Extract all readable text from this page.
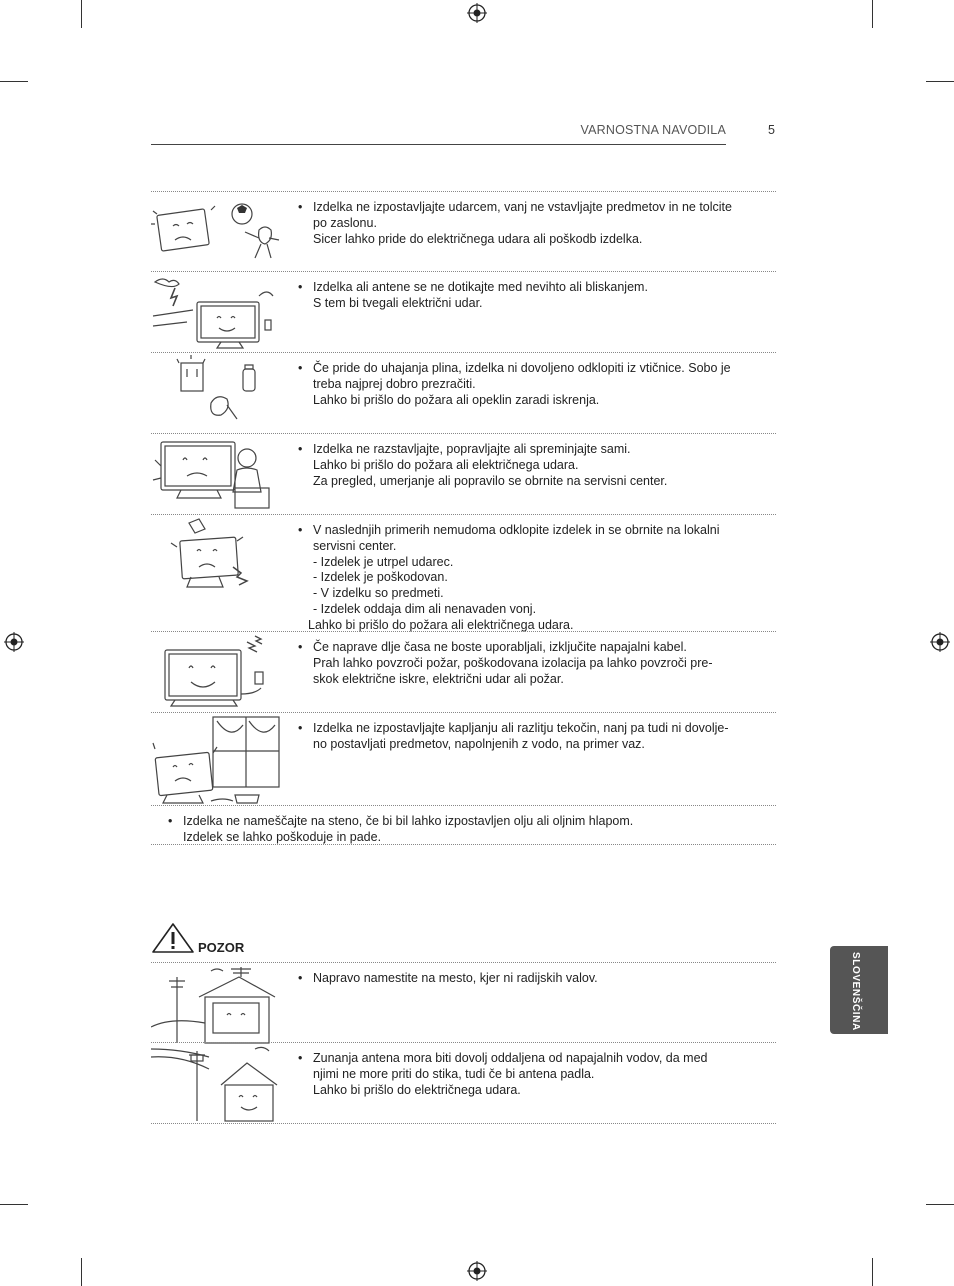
VARNOSTNA NAVODILA	5
• Izdelka ne izpostavljajte udarcem, vanj ne vstavljajte predmetov in ne tolcite
po zaslonu.
Sicer lahko pride do električnega udara ali poškodb izdelka.
• Izdelka ali antene se ne dotikajte med nevihto ali bliskanjem.
S tem bi tvegali električni udar.
• Če pride do uhajanja plina, izdelka ni dovoljeno odklopiti iz vtičnice. Sobo je
treba najprej dobro prezračiti.
Lahko bi prišlo do požara ali opeklin zaradi iskrenja.
• Izdelka ne razstavljajte, popravljajte ali spreminjajte sami.
Lahko bi prišlo do požara ali električnega udara.
Za pregled, umerjanje ali popravilo se obrnite na servisni center.
• V naslednjih primerih nemudoma odklopite izdelek in se obrnite na lokalni
servisni center.
- Izdelek je utrpel udarec.
- Izdelek je poškodovan.
- V izdelku so predmeti.
- Izdelek oddaja dim ali nenavaden vonj.
Lahko bi prišlo do požara ali električnega udara.
• Če naprave dlje časa ne boste uporabljali, izključite napajalni kabel.
Prah lahko povzroči požar, poškodovana izolacija pa lahko povzroči pre-
skok električne iskre, električni udar ali požar.
• Izdelka ne izpostavljajte kapljanju ali razlitju tekočin, nanj pa tudi ni dovolje-
no postavljati predmetov, napolnjenih z vodo, na primer vaz.
• Izdelka ne nameščajte na steno, če bi bil lahko izpostavljen olju ali oljnim hlapom.
Izdelek se lahko poškoduje in pade.
POZOR
• Napravo namestite na mesto, kjer ni radijskih valov.
• Zunanja antena mora biti dovolj oddaljena od napajalnih vodov, da med
njimi ne more priti do stika, tudi če bi antena padla.
Lahko bi prišlo do električnega udara.
SLOVENŠČINA
